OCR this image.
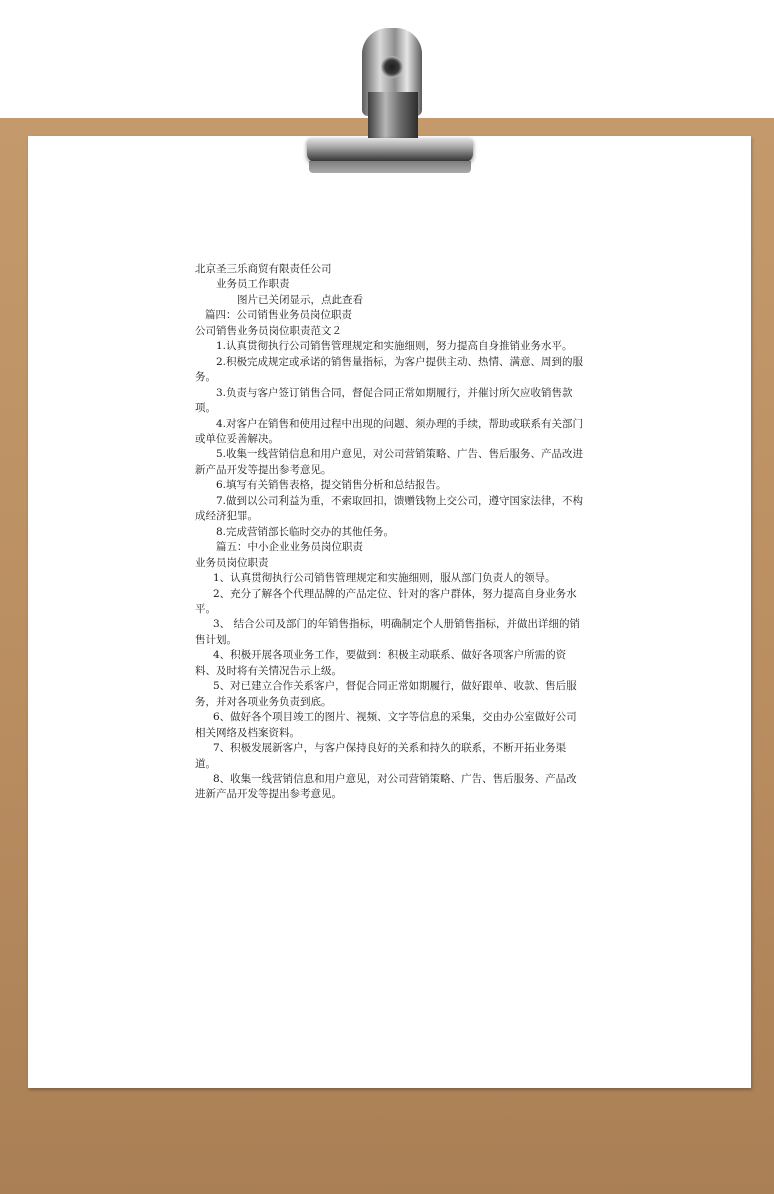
北京圣三乐商贸有限责任公司

业务员工作职责

图片已关闭显示，点此查看

篇四：公司销售业务员岗位职责

公司销售业务员岗位职责范文２

1.认真贯彻执行公司销售管理规定和实施细则，努力提高自身推销业务水平。

2.积极完成规定或承诺的销售量指标，为客户提供主动、热情、满意、周到的服务。

3.负责与客户签订销售合同，督促合同正常如期履行，并催讨所欠应收销售款项。

4.对客户在销售和使用过程中出现的问题、须办理的手续，帮助或联系有关部门或单位妥善解决。

5.收集一线营销信息和用户意见，对公司营销策略、广告、售后服务、产品改进新产品开发等提出参考意见。

6.填写有关销售表格，提交销售分析和总结报告。

7.做到以公司利益为重，不索取回扣，馈赠钱物上交公司，遵守国家法律，不构成经济犯罪。

8.完成营销部长临时交办的其他任务。

篇五：中小企业业务员岗位职责

业务员岗位职责

1、认真贯彻执行公司销售管理规定和实施细则，服从部门负责人的领导。

2、充分了解各个代理品牌的产品定位、针对的客户群体，努力提高自身业务水平。

3、 结合公司及部门的年销售指标，明确制定个人册销售指标，并做出详细的销售计划。

4、积极开展各项业务工作，要做到：积极主动联系、做好各项客户所需的资料、及时将有关情况告示上级。

5、对已建立合作关系客户，督促合同正常如期履行，做好跟单、收款、售后服务，并对各项业务负责到底。

6、做好各个项目竣工的图片、视频、文字等信息的采集，交由办公室做好公司相关网络及档案资料。

7、积极发展新客户，与客户保持良好的关系和持久的联系，不断开拓业务渠道。

8、收集一线营销信息和用户意见，对公司营销策略、广告、售后服务、产品改进新产品开发等提出参考意见。
